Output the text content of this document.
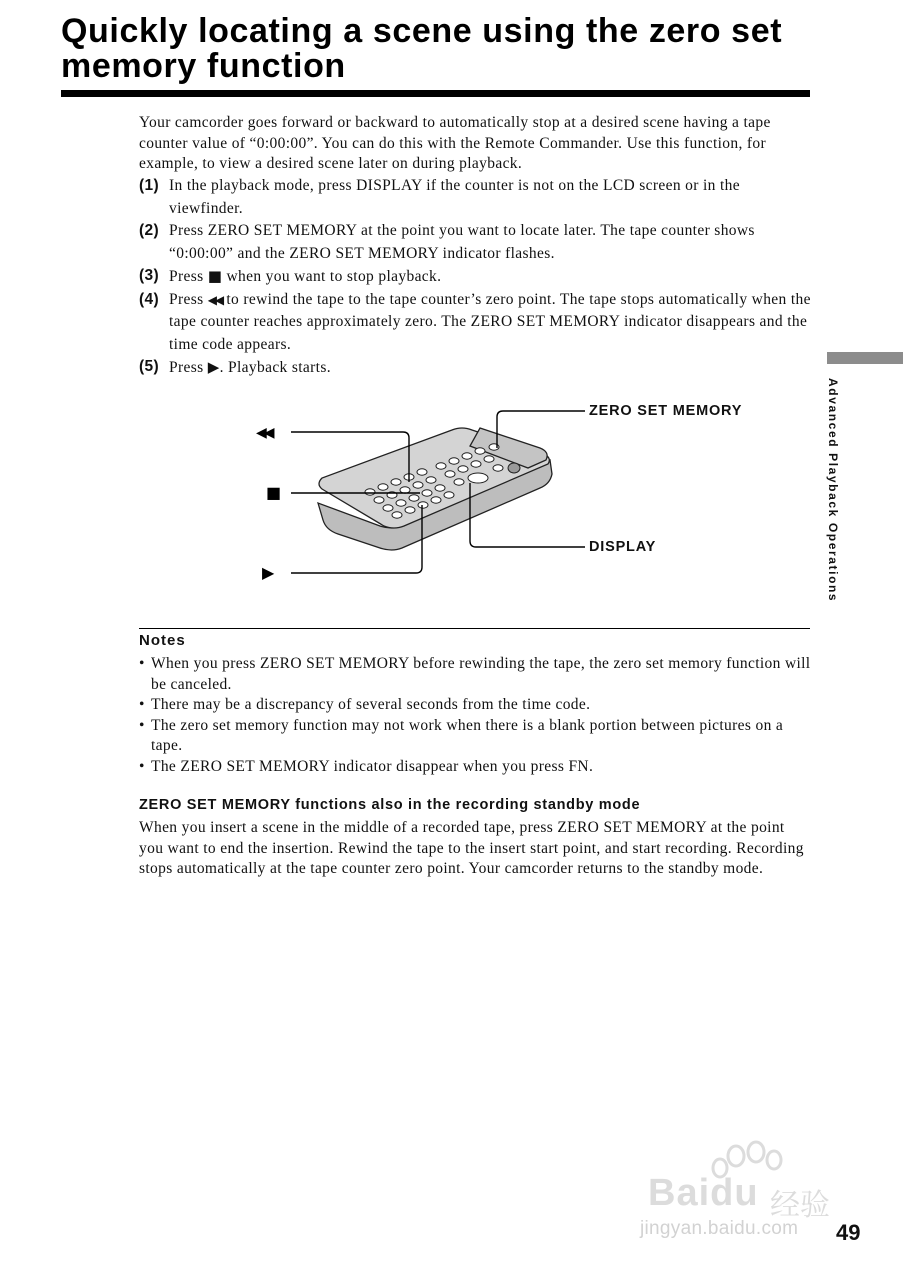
Quickly locating a scene using the zero set memory function

Your camcorder goes forward or backward to automatically stop at a desired scene having a tape counter value of “0:00:00”. You can do this with the Remote Commander. Use this function, for example, to view a desired scene later on during playback.

(1) In the playback mode, press DISPLAY if the counter is not on the LCD screen or in the viewfinder.
(2) Press ZERO SET MEMORY at the point you want to locate later. The tape counter shows “0:00:00” and the ZERO SET MEMORY indicator flashes.
(3) Press ■ when you want to stop playback.
(4) Press ◀◀ to rewind the tape to the tape counter’s zero point. The tape stops automatically when the tape counter reaches approximately zero. The ZERO SET MEMORY indicator disappears and the time code appears.
(5) Press ▶. Playback starts.
◀◀
■
▶
ZERO SET MEMORY
DISPLAY	Advanced Playback Operations
Notes
• When you press ZERO SET MEMORY before rewinding the tape, the zero set memory function will be canceled.
• There may be a discrepancy of several seconds from the time code.
• The zero set memory function may not work when there is a blank portion between pictures on a tape.
• The ZERO SET MEMORY indicator disappear when you press FN.
ZERO SET MEMORY functions also in the recording standby mode

When you insert a scene in the middle of a recorded tape, press ZERO SET MEMORY at the point you want to end the insertion. Rewind the tape to the insert start point, and start recording. Recording stops automatically at the tape counter zero point. Your camcorder returns to the standby mode.

Baidu 经验
jingyan.baidu.com 49
